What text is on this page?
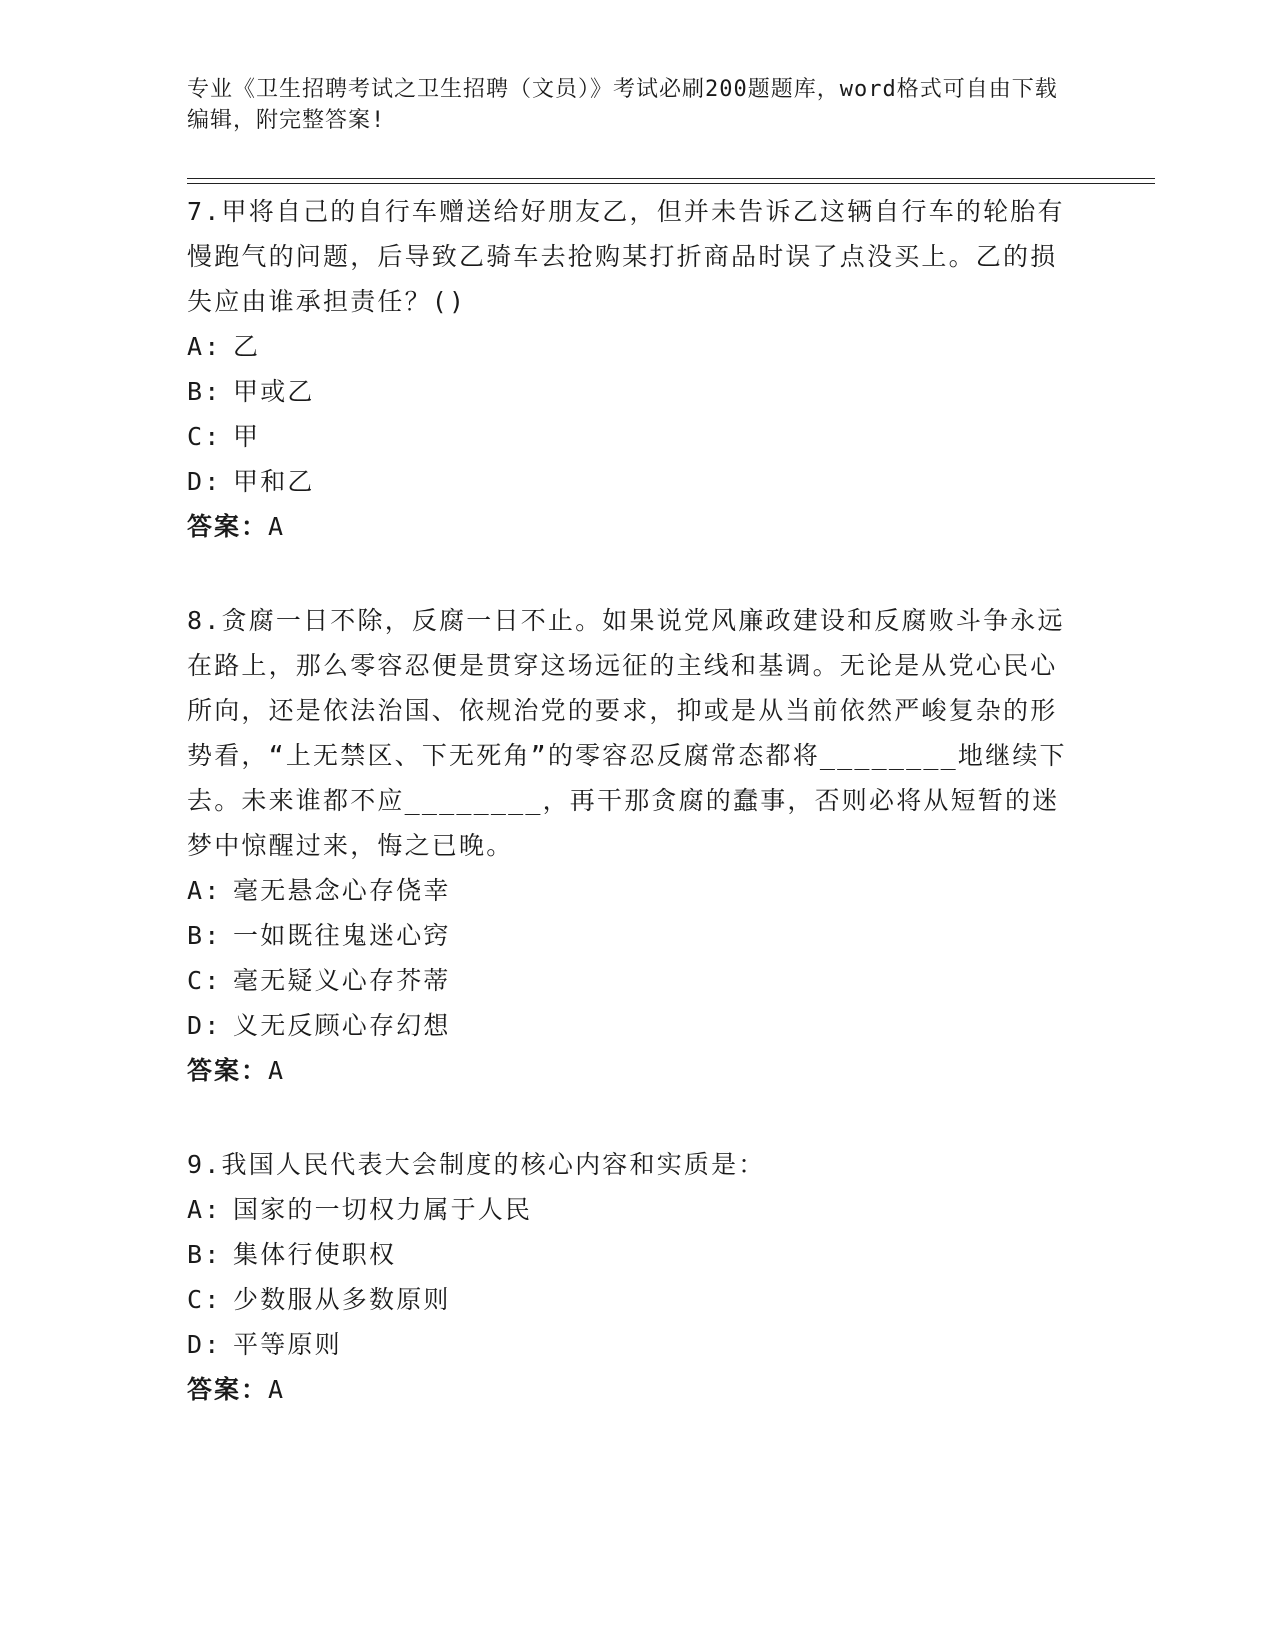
专业《卫生招聘考试之卫生招聘（文员）》考试必刷200题题库，word格式可自由下载编辑，附完整答案!

7.甲将自己的自行车赠送给好朋友乙，但并未告诉乙这辆自行车的轮胎有慢跑气的问题，后导致乙骑车去抢购某打折商品时误了点没买上。乙的损失应由谁承担责任？()

A: 乙

B: 甲或乙

C: 甲

D: 甲和乙

答案：A

8.贪腐一日不除，反腐一日不止。如果说党风廉政建设和反腐败斗争永远在路上，那么零容忍便是贯穿这场远征的主线和基调。无论是从党心民心所向，还是依法治国、依规治党的要求，抑或是从当前依然严峻复杂的形势看，“上无禁区、下无死角”的零容忍反腐常态都将________地继续下去。未来谁都不应________，再干那贪腐的蠢事，否则必将从短暂的迷梦中惊醒过来，悔之已晚。

A: 毫无悬念心存侥幸

B: 一如既往鬼迷心窍

C: 毫无疑义心存芥蒂

D: 义无反顾心存幻想

答案：A

9.我国人民代表大会制度的核心内容和实质是：

A: 国家的一切权力属于人民

B: 集体行使职权

C: 少数服从多数原则

D: 平等原则

答案：A
